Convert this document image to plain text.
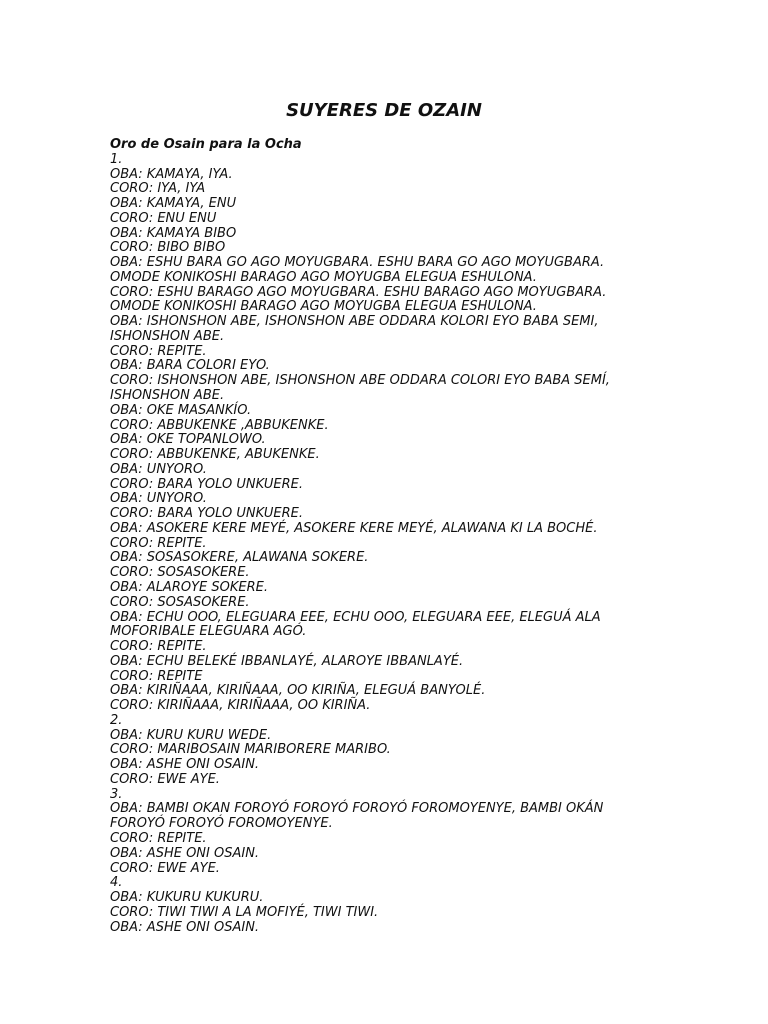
SUYERES DE OZAIN
Oro de Osain para la Ocha
1.
OBA: KAMAYA, IYA.
CORO: IYA, IYA
OBA: KAMAYA, ENU
CORO: ENU ENU
OBA: KAMAYA BIBO
CORO: BIBO BIBO
OBA: ESHU BARA GO AGO MOYUGBARA. ESHU BARA GO AGO MOYUGBARA.
OMODE KONIKOSHI BARAGO AGO MOYUGBA ELEGUA ESHULONA.
CORO: ESHU BARAGO AGO MOYUGBARA. ESHU BARAGO AGO MOYUGBARA.
OMODE KONIKOSHI BARAGO AGO MOYUGBA ELEGUA ESHULONA.
OBA: ISHONSHON ABE, ISHONSHON ABE ODDARA KOLORI EYO BABA SEMI,
ISHONSHON ABE.
CORO: REPITE.
OBA: BARA COLORI EYO.
CORO: ISHONSHON ABE, ISHONSHON ABE ODDARA COLORI EYO BABA SEMÍ,
ISHONSHON ABE.
OBA: OKE MASANKÍO.
CORO: ABBUKENKE ,ABBUKENKE.
OBA: OKE TOPANLOWO.
CORO: ABBUKENKE, ABUKENKE.
OBA: UNYORO.
CORO: BARA YOLO UNKUERE.
OBA: UNYORO.
CORO: BARA YOLO UNKUERE.
OBA: ASOKERE KERE MEYÉ, ASOKERE KERE MEYÉ, ALAWANA KI LA BOCHÉ.
CORO: REPITE.
OBA: SOSASOKERE, ALAWANA SOKERE.
CORO: SOSASOKERE.
OBA: ALAROYE SOKERE.
CORO: SOSASOKERE.
OBA: ECHU OOO, ELEGUARA EEE, ECHU OOO, ELEGUARA EEE, ELEGUÁ ALA
MOFORIBALE ELEGUARA AGÓ.
CORO: REPITE.
OBA: ECHU BELEKÉ IBBANLAYÉ, ALAROYE IBBANLAYÉ.
CORO: REPITE
OBA: KIRIÑAAA, KIRIÑAAA, OO KIRIÑA, ELEGUÁ BANYOLÉ.
CORO: KIRIÑAAA, KIRIÑAAA, OO KIRIÑA.
2.
OBA: KURU KURU WEDE.
CORO: MARIBOSAIN MARIBORERE MARIBO.
OBA: ASHE ONI OSAIN.
CORO: EWE AYE.
3.
OBA: BAMBI OKAN FOROYÓ FOROYÓ FOROYÓ FOROMOYENYE, BAMBI OKÁN
FOROYÓ FOROYÓ FOROMOYENYE.
CORO: REPITE.
OBA: ASHE ONI OSAIN.
CORO: EWE AYE.
4.
OBA: KUKURU KUKURU.
CORO: TIWI TIWI A LA MOFIYÉ, TIWI TIWI.
OBA: ASHE ONI OSAIN.
